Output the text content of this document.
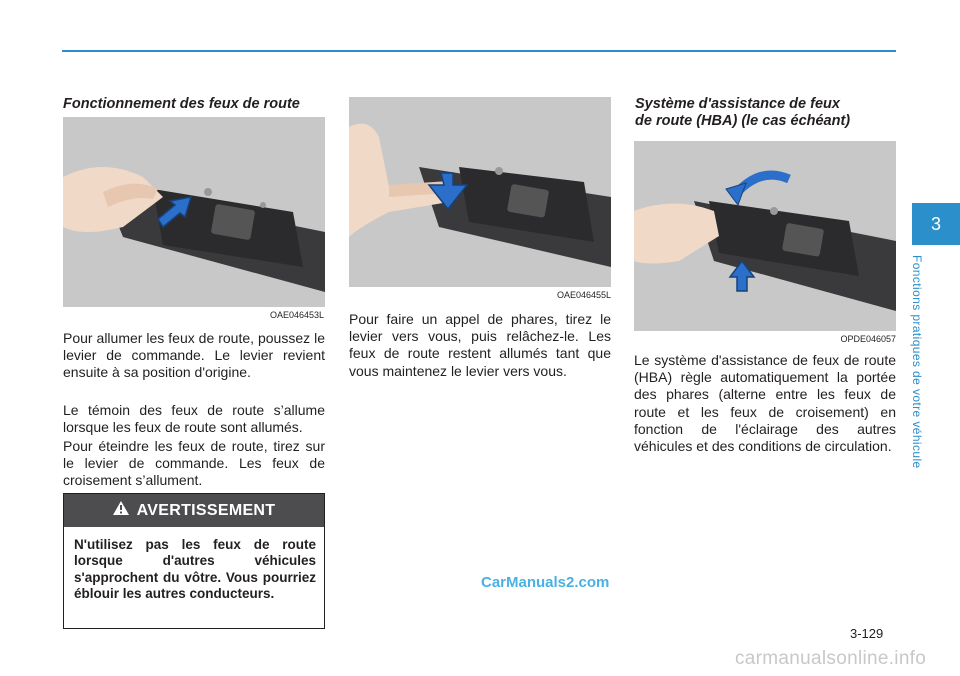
Fonctionnement des feux de route
OAE046453L

Pour allumer les feux de route, poussez le levier de commande. Le levier revient ensuite à sa position d'origine.

Le témoin des feux de route s’allume lorsque les feux de route sont allumés.

Pour éteindre les feux de route, tirez sur le levier de commande. Les feux de croisement s’allument.

AVERTISSEMENT
N'utilisez pas les feux de route lorsque d'autres véhicules s'approchent du vôtre. Vous pourriez éblouir les autres conducteurs.
OAE046455L

Pour faire un appel de phares, tirez le levier vers vous, puis relâchez-le. Les feux de route restent allumés tant que vous maintenez le levier vers vous.

Système d'assistance de feux
de route (HBA) (le cas échéant)
OPDE046057

Le système d'assistance de feux de route (HBA) règle automatiquement la portée des phares (alterne entre les feux de route et les feux de croisement) en fonction de l'éclairage des autres véhicules et des conditions de circulation.

3
Fonctions pratiques de votre véhicule
3-129
CarManuals2.com
carmanualsonline.info
